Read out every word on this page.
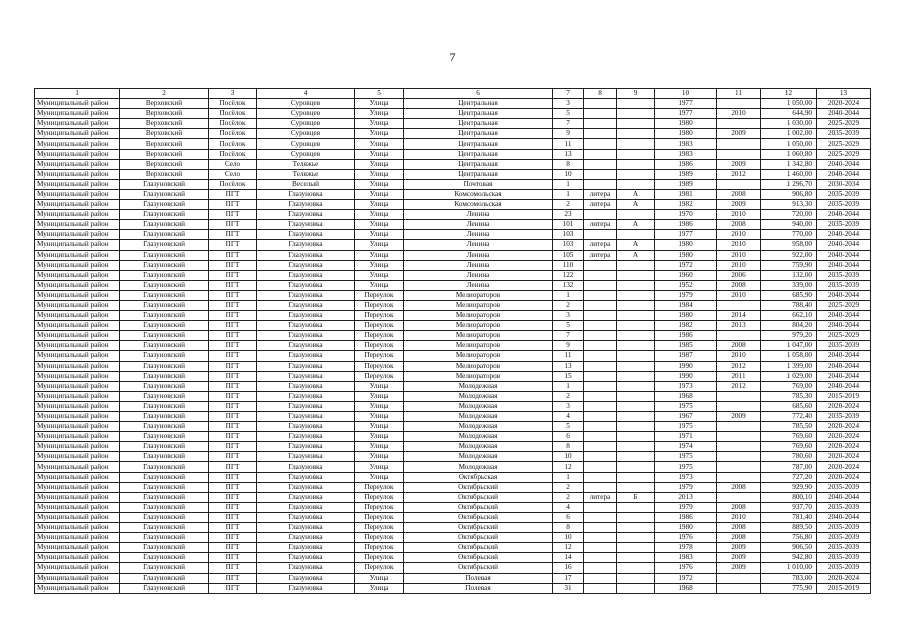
7
1	2	3	4	5	6	7	8	9	10	11	12	13
Муниципальный район	Верховский	Посёлок	Суровцев	Улица	Центральная	3			1977		1 050,00	2020-2024
Муниципальный район	Верховский	Посёлок	Суровцев	Улица	Центральная	5			1977	2010	644,90	2040-2044
Муниципальный район	Верховский	Посёлок	Суровцев	Улица	Центральная	7			1980		1 030,00	2025-2029
Муниципальный район	Верховский	Посёлок	Суровцев	Улица	Центральная	9			1980	2009	1 002,00	2035-2039
Муниципальный район	Верховский	Посёлок	Суровцев	Улица	Центральная	11			1983		1 050,00	2025-2029
Муниципальный район	Верховский	Посёлок	Суровцев	Улица	Центральная	13			1983		1 060,80	2025-2029
Муниципальный район	Верховский	Село	Теляжье	Улица	Центральная	8			1986	2009	1 342,80	2040-2044
Муниципальный район	Верховский	Село	Теляжье	Улица	Центральная	10			1989	2012	1 460,00	2040-2044
Муниципальный район	Глазуновский	Посёлок	Веселый	Улица	Почтовая	1			1989		1 296,70	2030-2034
Муниципальный район	Глазуновский	ПГТ	Глазуновка	Улица	Комсомольская	1	литера	А	1981	2008	906,80	2035-2039
Муниципальный район	Глазуновский	ПГТ	Глазуновка	Улица	Комсомольская	2	литера	А	1982	2009	913,30	2035-2039
Муниципальный район	Глазуновский	ПГТ	Глазуновка	Улица	Ленина	23			1970	2010	720,00	2040-2044
Муниципальный район	Глазуновский	ПГТ	Глазуновка	Улица	Ленина	101	литера	А	1986	2008	940,00	2035-2039
Муниципальный район	Глазуновский	ПГТ	Глазуновка	Улица	Ленина	103			1977	2010	770,00	2040-2044
Муниципальный район	Глазуновский	ПГТ	Глазуновка	Улица	Ленина	103	литера	А	1980	2010	958,00	2040-2044
Муниципальный район	Глазуновский	ПГТ	Глазуновка	Улица	Ленина	105	литера	А	1980	2010	922,00	2040-2044
Муниципальный район	Глазуновский	ПГТ	Глазуновка	Улица	Ленина	110			1972	2010	759,90	2040-2044
Муниципальный район	Глазуновский	ПГТ	Глазуновка	Улица	Ленина	122			1960	2006	132,00	2035-2039
Муниципальный район	Глазуновский	ПГТ	Глазуновка	Улица	Ленина	132			1952	2008	339,00	2035-2039
Муниципальный район	Глазуновский	ПГТ	Глазуновка	Переулок	Мелиораторов	1			1979	2010	685,90	2040-2044
Муниципальный район	Глазуновский	ПГТ	Глазуновка	Переулок	Мелиораторов	2			1984		788,40	2025-2029
Муниципальный район	Глазуновский	ПГТ	Глазуновка	Переулок	Мелиораторов	3			1980	2014	662,10	2040-2044
Муниципальный район	Глазуновский	ПГТ	Глазуновка	Переулок	Мелиораторов	5			1982	2013	804,20	2040-2044
Муниципальный район	Глазуновский	ПГТ	Глазуновка	Переулок	Мелиораторов	7			1986		979,20	2025-2029
Муниципальный район	Глазуновский	ПГТ	Глазуновка	Переулок	Мелиораторов	9			1985	2008	1 047,00	2035-2039
Муниципальный район	Глазуновский	ПГТ	Глазуновка	Переулок	Мелиораторов	11			1987	2010	1 058,00	2040-2044
Муниципальный район	Глазуновский	ПГТ	Глазуновка	Переулок	Мелиораторов	13			1990	2012	1 399,00	2040-2044
Муниципальный район	Глазуновский	ПГТ	Глазуновка	Переулок	Мелиораторов	15			1990	2011	1 029,00	2040-2044
Муниципальный район	Глазуновский	ПГТ	Глазуновка	Улица	Молодежная	1			1973	2012	769,00	2040-2044
Муниципальный район	Глазуновский	ПГТ	Глазуновка	Улица	Молодежная	2			1968		785,30	2015-2019
Муниципальный район	Глазуновский	ПГТ	Глазуновка	Улица	Молодежная	3			1975		685,60	2020-2024
Муниципальный район	Глазуновский	ПГТ	Глазуновка	Улица	Молодежная	4			1967	2009	772,40	2035-2039
Муниципальный район	Глазуновский	ПГТ	Глазуновка	Улица	Молодежная	5			1975		785,50	2020-2024
Муниципальный район	Глазуновский	ПГТ	Глазуновка	Улица	Молодежная	6			1971		769,60	2020-2024
Муниципальный район	Глазуновский	ПГТ	Глазуновка	Улица	Молодежная	8			1974		769,60	2020-2024
Муниципальный район	Глазуновский	ПГТ	Глазуновка	Улица	Молодежная	10			1975		780,60	2020-2024
Муниципальный район	Глазуновский	ПГТ	Глазуновка	Улица	Молодежная	12			1975		787,00	2020-2024
Муниципальный район	Глазуновский	ПГТ	Глазуновка	Улица	Октябрьская	1			1973		727,20	2020-2024
Муниципальный район	Глазуновский	ПГТ	Глазуновка	Переулок	Октябрьский	2			1979	2008	929,90	2035-2039
Муниципальный район	Глазуновский	ПГТ	Глазуновка	Переулок	Октябрьский	2	литера	Б	2013		800,10	2040-2044
Муниципальный район	Глазуновский	ПГТ	Глазуновка	Переулок	Октябрьский	4			1979	2008	937,70	2035-2039
Муниципальный район	Глазуновский	ПГТ	Глазуновка	Переулок	Октябрьский	6			1986	2010	781,40	2040-2044
Муниципальный район	Глазуновский	ПГТ	Глазуновка	Переулок	Октябрьский	8			1980	2008	889,50	2035-2039
Муниципальный район	Глазуновский	ПГТ	Глазуновка	Переулок	Октябрьский	10			1976	2008	756,80	2035-2039
Муниципальный район	Глазуновский	ПГТ	Глазуновка	Переулок	Октябрьский	12			1978	2009	906,50	2035-2039
Муниципальный район	Глазуновский	ПГТ	Глазуновка	Переулок	Октябрьский	14			1983	2009	942,80	2035-2039
Муниципальный район	Глазуновский	ПГТ	Глазуновка	Переулок	Октябрьский	16			1976	2009	1 010,00	2035-2039
Муниципальный район	Глазуновский	ПГТ	Глазуновка	Улица	Полевая	17			1972		783,00	2020-2024
Муниципальный район	Глазуновский	ПГТ	Глазуновка	Улица	Полевая	31			1968		775,90	2015-2019
